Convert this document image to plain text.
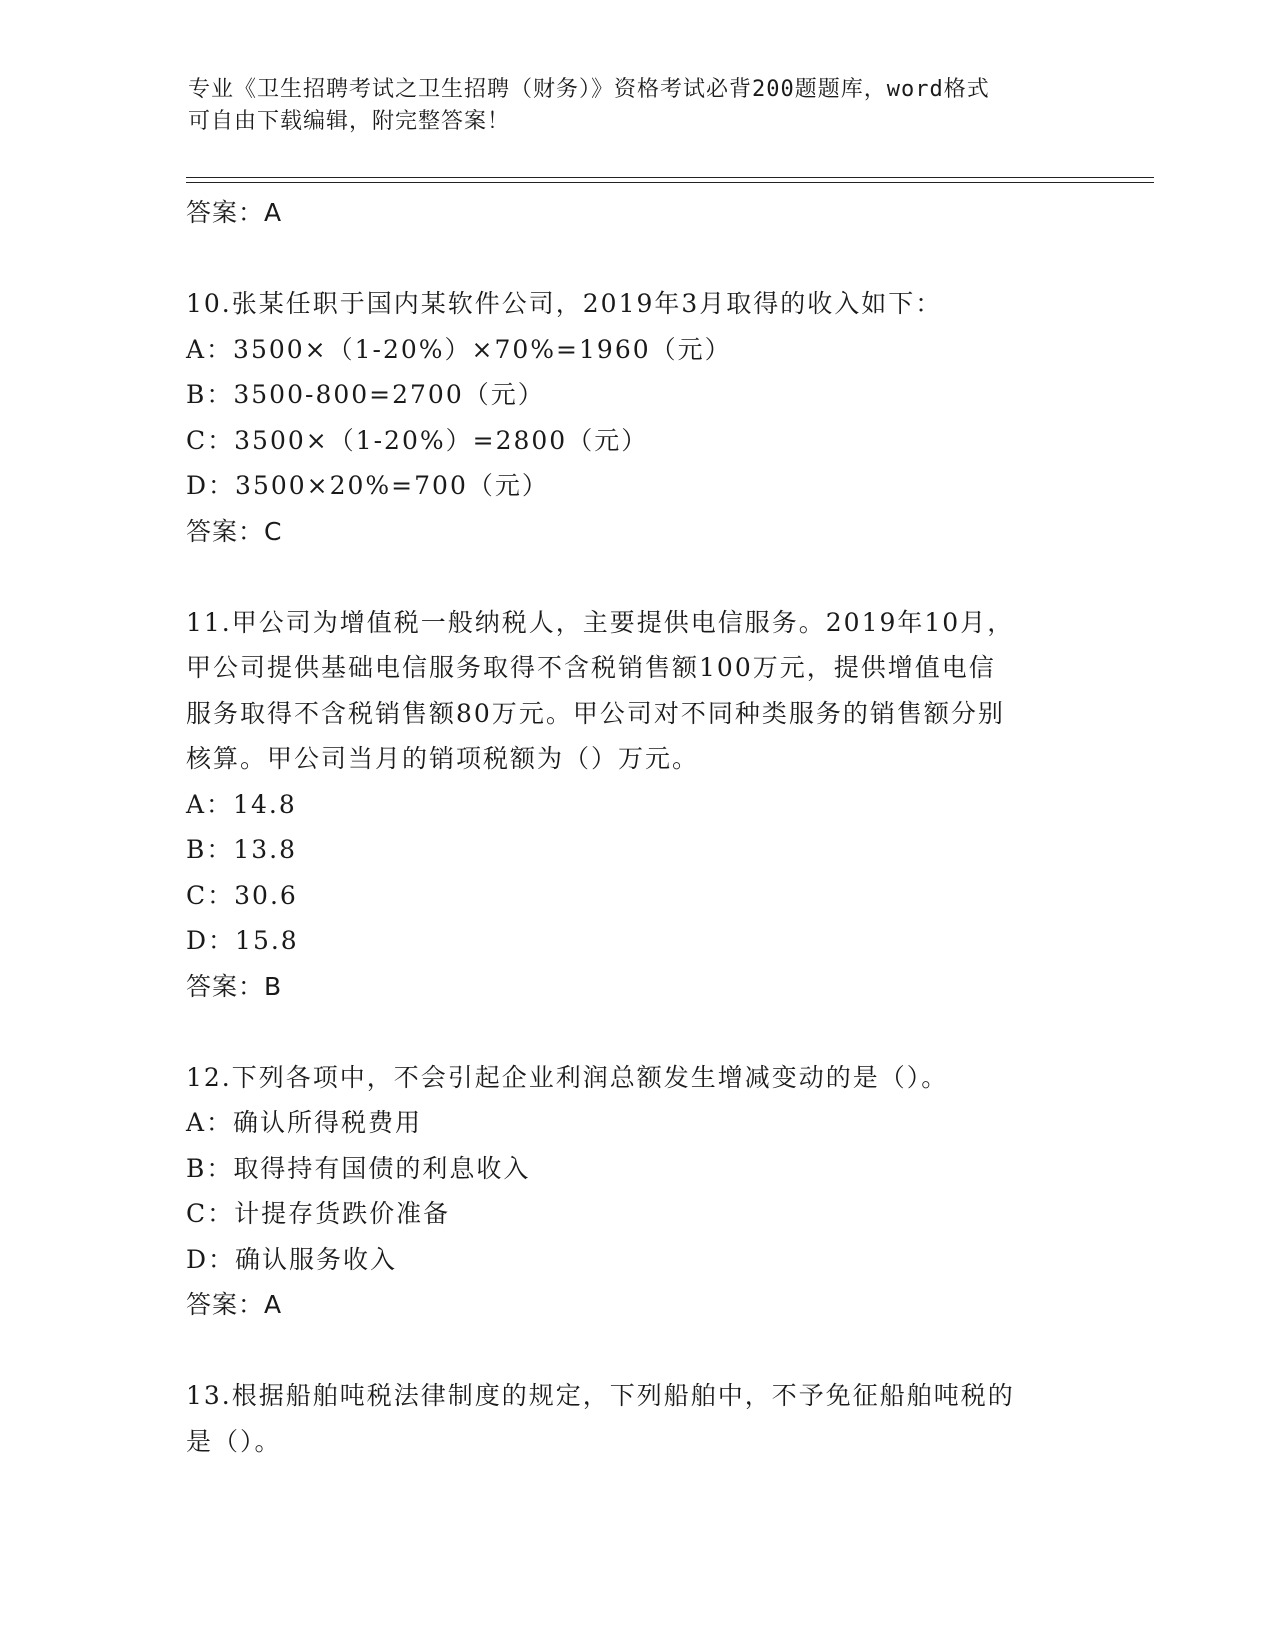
专业《卫生招聘考试之卫生招聘（财务）》资格考试必背200题题库，word格式
可自由下载编辑，附完整答案！
答案：A
10.张某任职于国内某软件公司，2019年3月取得的收入如下：
A：3500×（1-20%）×70%=1960（元）
B：3500-800=2700（元）
C：3500×（1-20%）=2800（元）
D：3500×20%=700（元）
答案：C
11.甲公司为增值税一般纳税人，主要提供电信服务。2019年10月，
甲公司提供基础电信服务取得不含税销售额100万元，提供增值电信
服务取得不含税销售额80万元。甲公司对不同种类服务的销售额分别
核算。甲公司当月的销项税额为（）万元。
A：14.8
B：13.8
C：30.6
D：15.8
答案：B
12.下列各项中，不会引起企业利润总额发生增减变动的是（）。
A：确认所得税费用
B：取得持有国债的利息收入
C：计提存货跌价准备
D：确认服务收入
答案：A
13.根据船舶吨税法律制度的规定，下列船舶中，不予免征船舶吨税的
是（）。
